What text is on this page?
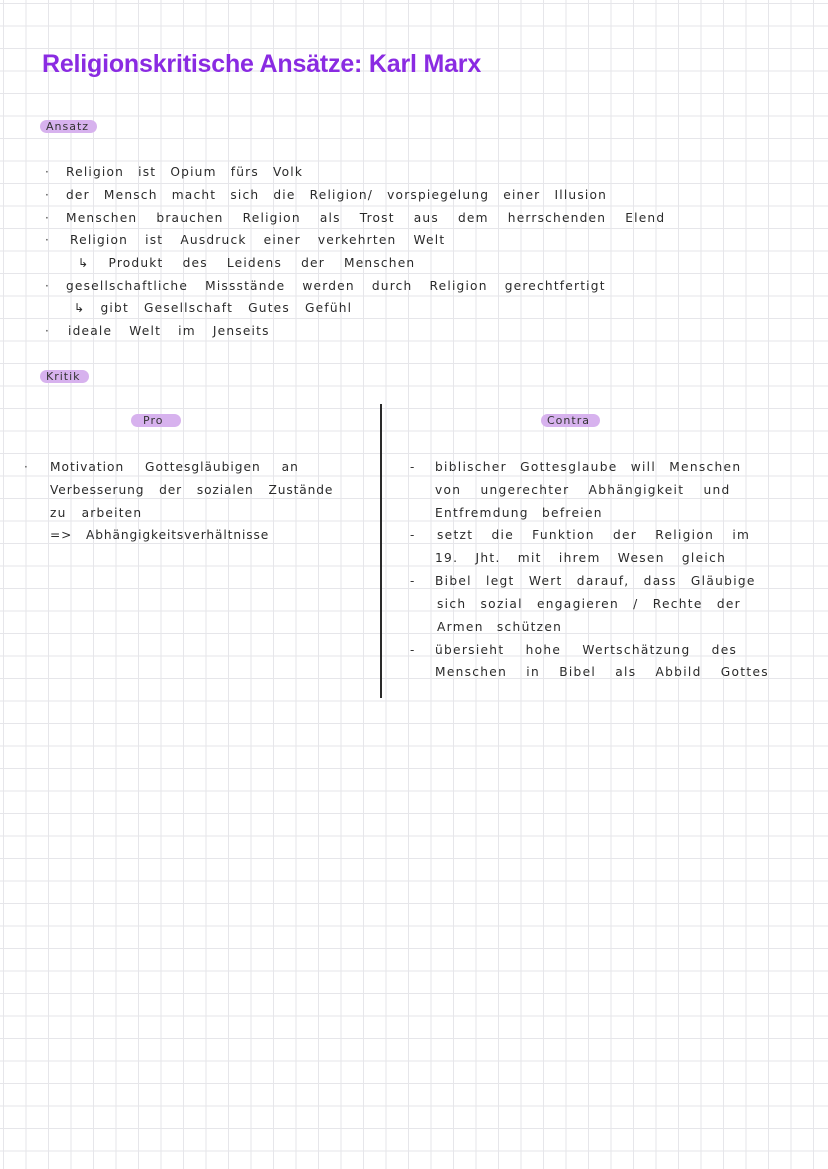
Religionskritische Ansätze: Karl Marx
Ansatz
· Religion ist Opium fürs Volk
· der Mensch macht sich die Religion/ vorspiegelung einer Illusion
· Menschen brauchen Religion als Trost aus dem herrschenden Elend
· Religion ist Ausdruck einer verkehrten Welt
↳ Produkt des Leidens der Menschen
· gesellschaftliche Missstände werden durch Religion gerechtfertigt
↳ gibt Gesellschaft Gutes Gefühl
· ideale Welt im Jenseits
Kritik
Pro	Contra
· Motivation Gottesgläubigen an
Verbesserung der sozialen Zustände
zu arbeiten
=> Abhängigkeitsverhältnisse
- biblischer Gottesglaube will Menschen
von ungerechter Abhängigkeit und
Entfremdung befreien
- setzt die Funktion der Religion im
19. Jht. mit ihrem Wesen gleich
- Bibel legt Wert darauf, dass Gläubige
sich sozial engagieren / Rechte der
Armen schützen
- übersieht hohe Wertschätzung des
Menschen in Bibel als Abbild Gottes
